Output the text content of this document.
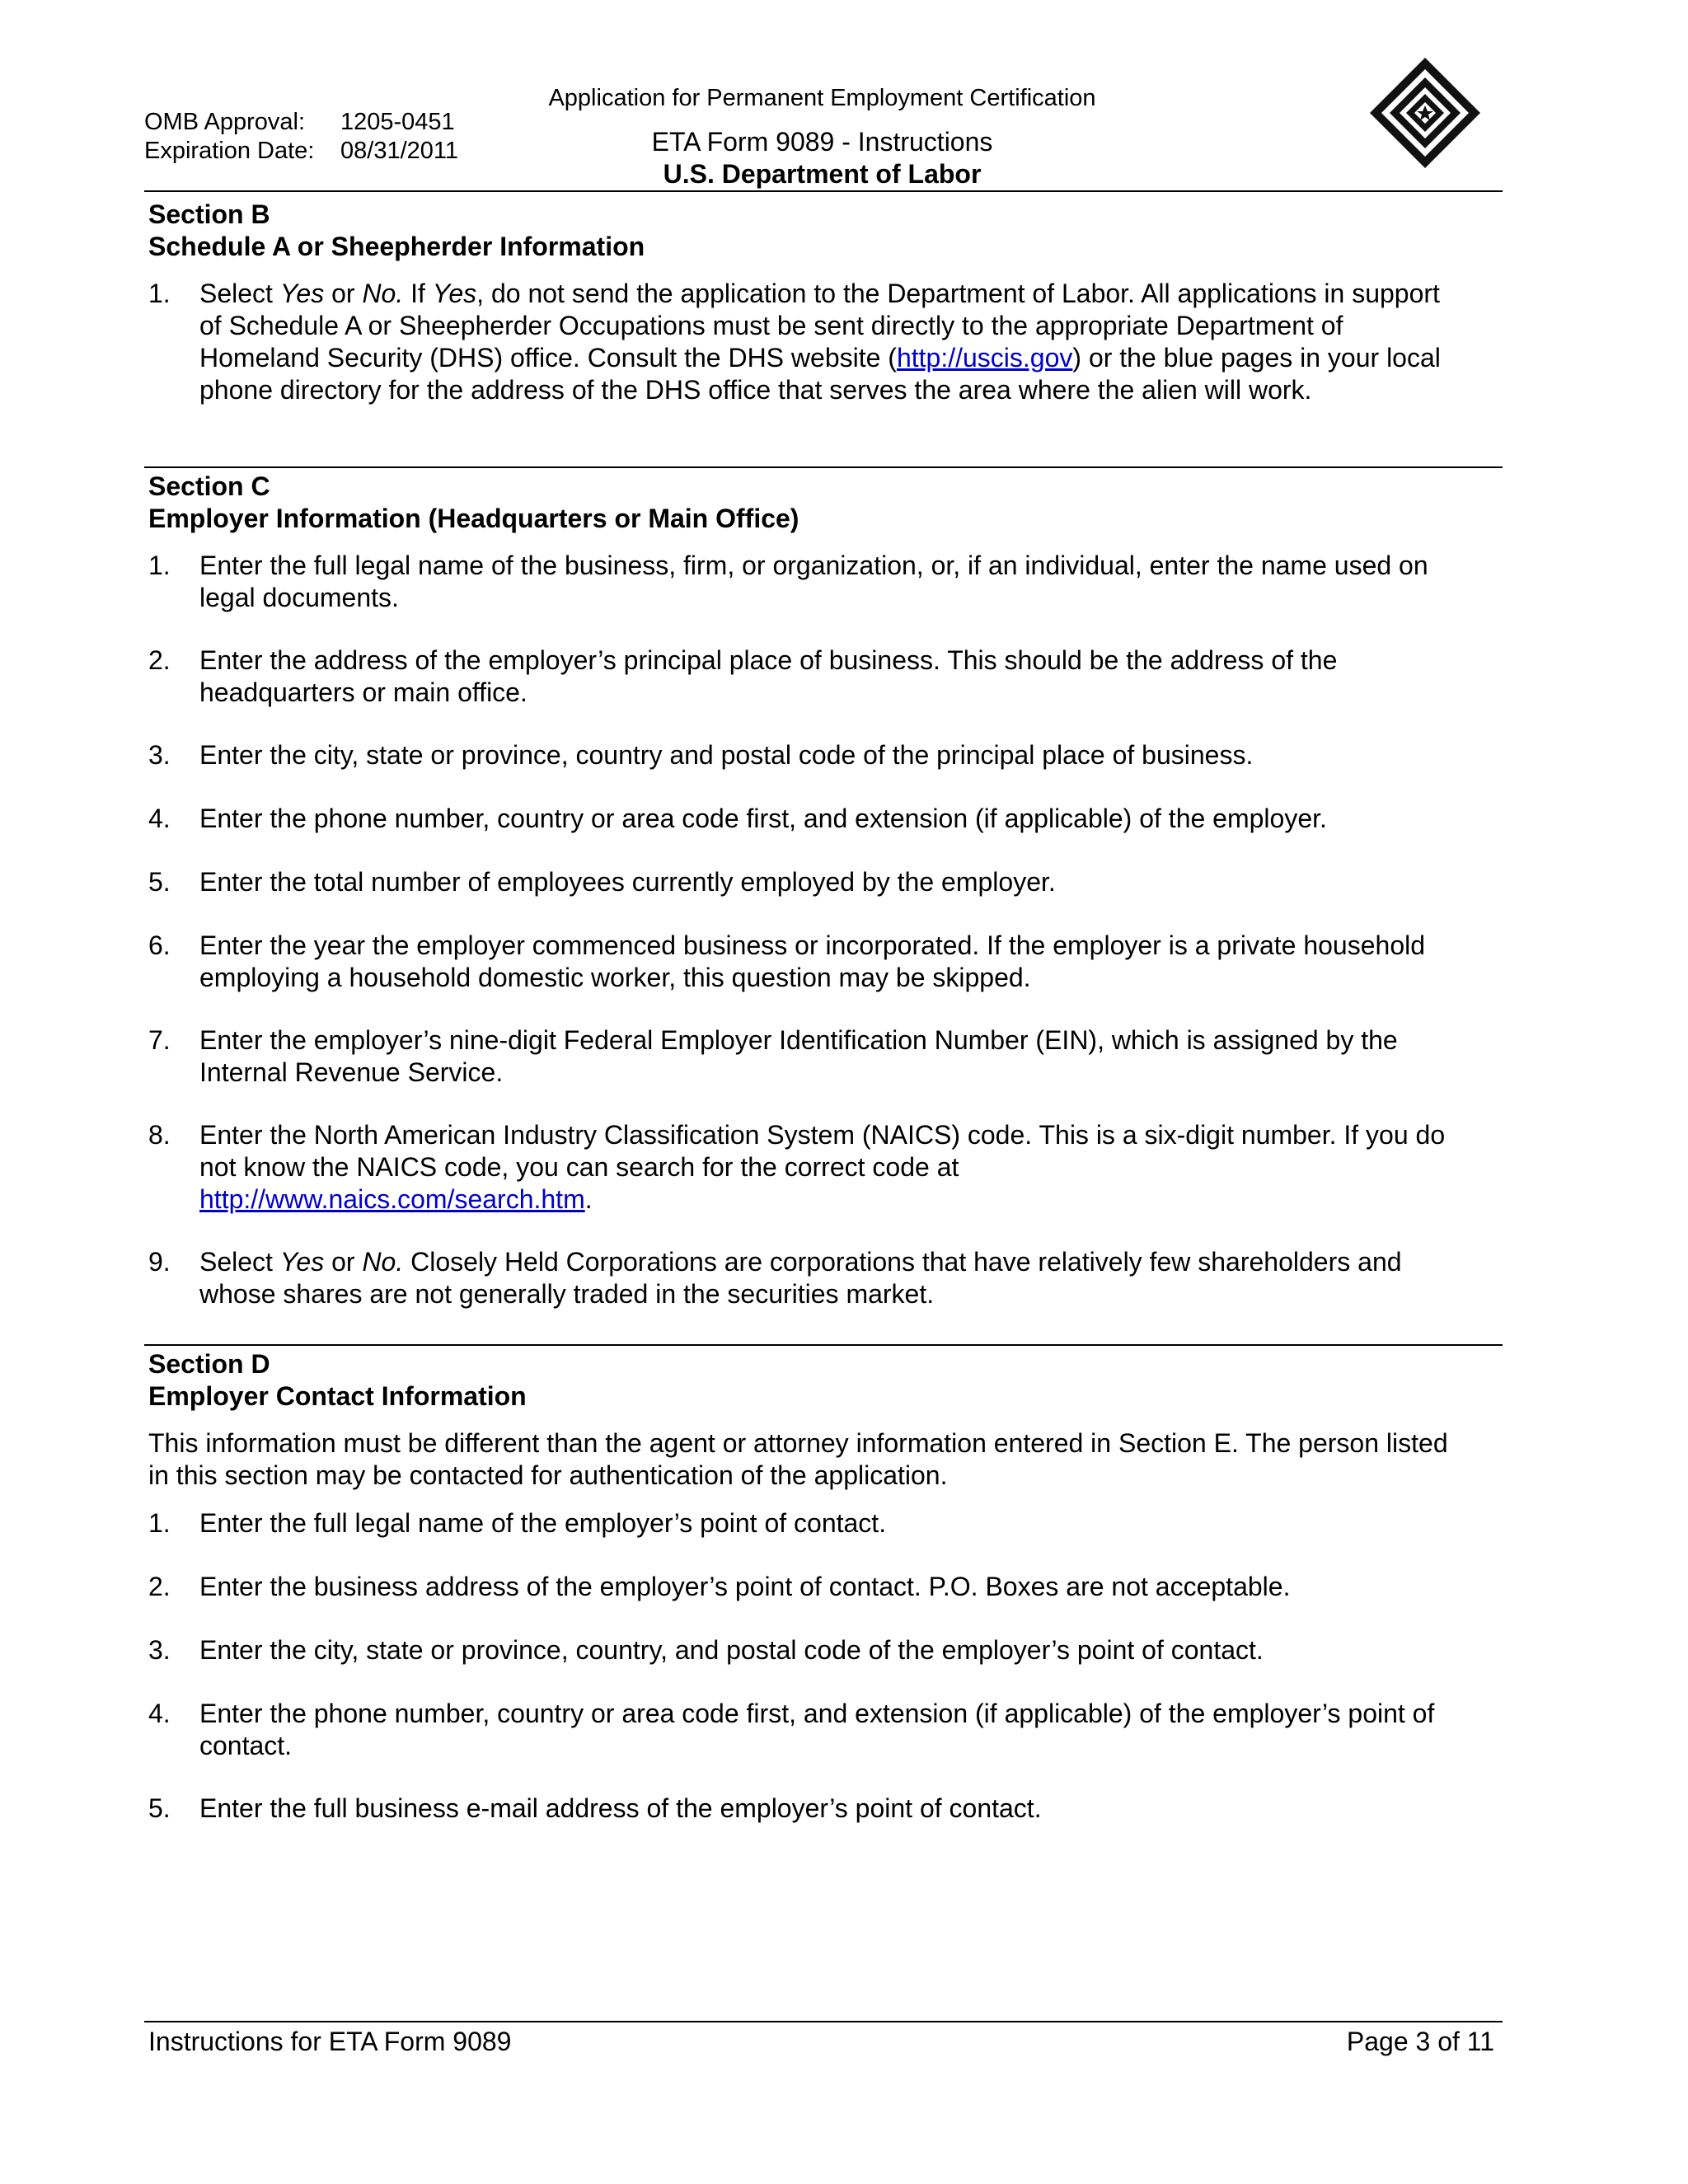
OMB Approval: 1205-0451
Expiration Date: 08/31/2011
Application for Permanent Employment Certification
ETA Form 9089 - Instructions
U.S. Department of Labor
Section B
Schedule A or Sheepherder Information
1.	Select Yes or No. If Yes, do not send the application to the Department of Labor. All applications in support of Schedule A or Sheepherder Occupations must be sent directly to the appropriate Department of Homeland Security (DHS) office. Consult the DHS website (http://uscis.gov) or the blue pages in your local phone directory for the address of the DHS office that serves the area where the alien will work.
Section C
Employer Information (Headquarters or Main Office)
1.	Enter the full legal name of the business, firm, or organization, or, if an individual, enter the name used on legal documents.
2.	Enter the address of the employer’s principal place of business. This should be the address of the headquarters or main office.
3.	Enter the city, state or province, country and postal code of the principal place of business.
4.	Enter the phone number, country or area code first, and extension (if applicable) of the employer.
5.	Enter the total number of employees currently employed by the employer.
6.	Enter the year the employer commenced business or incorporated. If the employer is a private household employing a household domestic worker, this question may be skipped.
7.	Enter the employer’s nine-digit Federal Employer Identification Number (EIN), which is assigned by the Internal Revenue Service.
8.	Enter the North American Industry Classification System (NAICS) code. This is a six-digit number. If you do not know the NAICS code, you can search for the correct code at
http://www.naics.com/search.htm.
9.	Select Yes or No. Closely Held Corporations are corporations that have relatively few shareholders and whose shares are not generally traded in the securities market.
Section D
Employer Contact Information
This information must be different than the agent or attorney information entered in Section E. The person listed in this section may be contacted for authentication of the application.
1.	Enter the full legal name of the employer’s point of contact.
2.	Enter the business address of the employer’s point of contact. P.O. Boxes are not acceptable.
3.	Enter the city, state or province, country, and postal code of the employer’s point of contact.
4.	Enter the phone number, country or area code first, and extension (if applicable) of the employer’s point of contact.
5.	Enter the full business e-mail address of the employer’s point of contact.
Instructions for ETA Form 9089	Page 3 of 11
